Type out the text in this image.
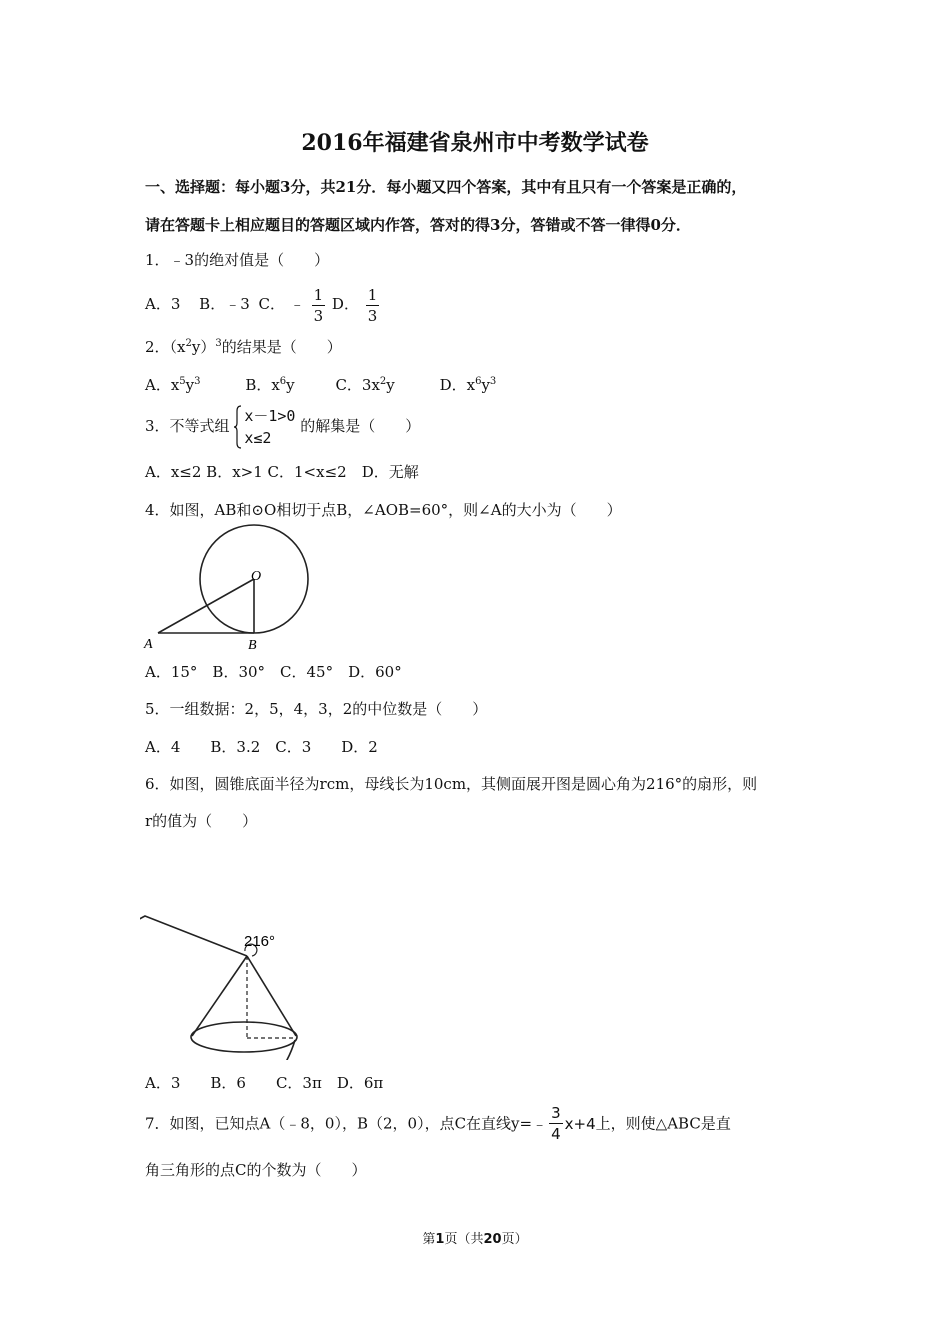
2016年福建省泉州市中考数学试卷
一、选择题：每小题3分，共21分．每小题又四个答案，其中有且只有一个答案是正确的，
请在答题卡上相应题目的答题区域内作答，答对的得3分，答错或不答一律得0分．
1．﹣3的绝对值是（　　）
A．3 B．﹣3 C． ﹣ $\frac{1}{3}$ D． $\frac{1}{3}$
2．$(x^2y)^3$的结果是（　　）
A．$x^5y^3$	B．$x^6y$	C．$3x^2y$	D．$x^6y^3$
3．不等式组
x－1>0
x≤2
的解集是（　　）
A．x≤2 B．x>1 C．1<x≤2　D．无解
4．如图，AB和⊙O相切于点B，∠AOB=60°，则∠A的大小为（　　）
O
A	B
A．15°　B．30°　C．45°　D．60°
5．一组数据：2，5，4，3，2的中位数是（　　）
A．4　　B．3.2　C．3　　D．2
6．如图，圆锥底面半径为rcm，母线长为10cm，其侧面展开图是圆心角为216°的扇形，则
r的值为（　　）
216°
A．3　　B．6　　C．3π　D．6π
7．如图，已知点A（﹣8，0），B（2，0），点C在直线y= ﹣ $\frac{3}{4} x+4$ 上，则使△ABC是直
角三角形的点C的个数为（　　）
第1页（共20页）
